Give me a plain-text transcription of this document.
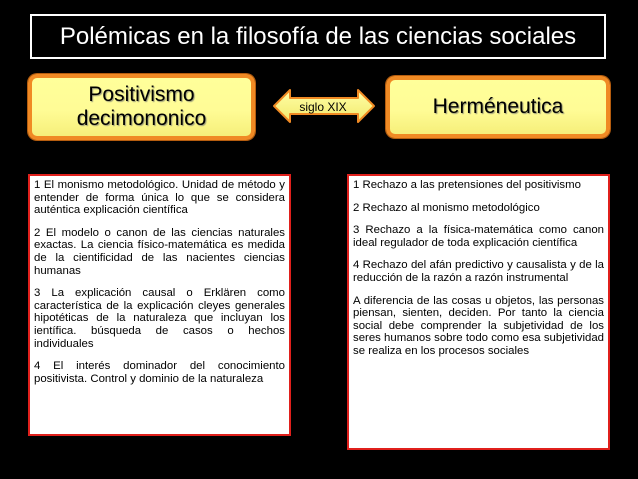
Polémicas en la filosofía de las ciencias sociales
Positivismo decimononico	siglo XIX	Herméneutica

1 El monismo metodológico. Unidad de método y entender de forma única lo que se considera auténtica explicación científica

2 El modelo o canon de las ciencias naturales exactas. La ciencia físico-matemática es medida de la cientificidad de las nacientes ciencias humanas

3 La explicación causal o Erklären como característica de la explicación cleyes generales hipotéticas de la naturaleza que incluyan los ientífica. búsqueda de casos o hechos individuales

4 El interés dominador del conocimiento positivista. Control y dominio de la naturaleza

1 Rechazo a las pretensiones del positivismo

2 Rechazo al monismo metodológico

3 Rechazo a la física-matemática como canon ideal regulador de toda explicación científica

4 Rechazo del afán predictivo y causalista y de la reducción de la razón a razón instrumental

A diferencia de las cosas u objetos, las personas piensan, sienten, deciden. Por tanto la ciencia social debe comprender la subjetividad de los seres humanos sobre todo como esa subjetividad se realiza en los procesos sociales
